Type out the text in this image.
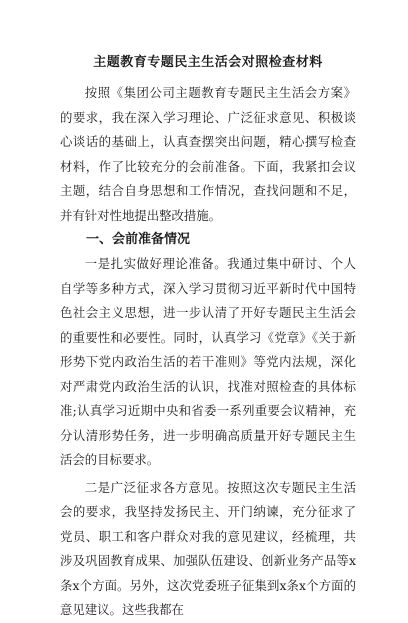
主题教育专题民主生活会对照检查材料

按照《集团公司主题教育专题民主生活会方案》的要求，我在深入学习理论、广泛征求意见、积极谈心谈话的基础上，认真查摆突出问题，精心撰写检查材料，作了比较充分的会前准备。下面，我紧扣会议主题，结合自身思想和工作情况，查找问题和不足，并有针对性地提出整改措施。

一、会前准备情况

一是扎实做好理论准备。我通过集中研讨、个人自学等多种方式，深入学习贯彻习近平新时代中国特色社会主义思想，进一步认清了开好专题民主生活会的重要性和必要性。同时，认真学习《党章》《关于新形势下党内政治生活的若干准则》等党内法规，深化对严肃党内政治生活的认识，找准对照检查的具体标准;认真学习近期中央和省委一系列重要会议精神，充分认清形势任务，进一步明确高质量开好专题民主生活会的目标要求。

二是广泛征求各方意见。按照这次专题民主生活会的要求，我坚持发扬民主、开门纳谏，充分征求了党员、职工和客户群众对我的意见建议，经梳理，共涉及巩固教育成果、加强队伍建设、创新业务产品等x条x个方面。另外，这次党委班子征集到x条x个方面的意见建议。这些我都在
